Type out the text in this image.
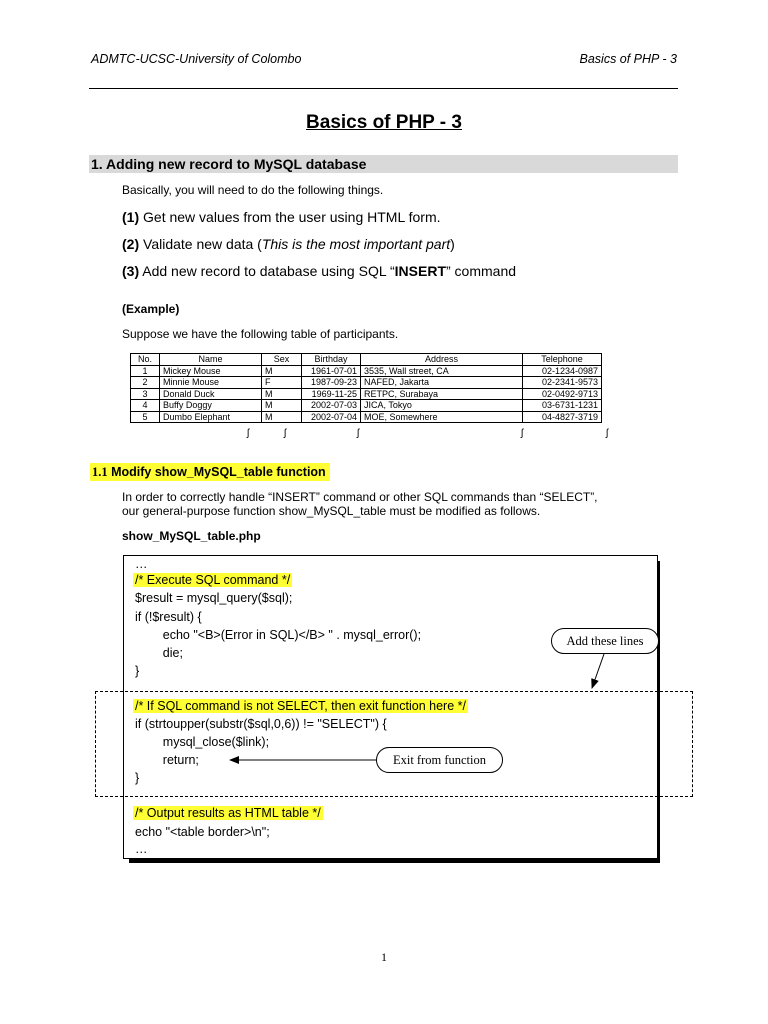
ADMTC-UCSC-University of Colombo	Basics of PHP - 3
Basics of PHP - 3
1. Adding new record to MySQL database
Basically, you will need to do the following things.
(1) Get new values from the user using HTML form.
(2) Validate new data (This is the most important part)
(3) Add new record to database using SQL “INSERT” command
(Example)
Suppose we have the following table of participants.
No.	Name	Sex	Birthday	Address	Telephone
1	Mickey Mouse	M	1961-07-01	3535, Wall street, CA	02-1234-0987
2	Minnie Mouse	F	1987-09-23	NAFED, Jakarta	02-2341-9573
3	Donald Duck	M	1969-11-25	RETPC, Surabaya	02-0492-9713
4	Buffy Doggy	M	2002-07-03	JICA, Tokyo	03-6731-1231
5	Dumbo Elephant	M	2002-07-04	MOE, Somewhere	04-4827-3719
ʃ	ʃ	ʃ	ʃ	ʃ
1.1 Modify show_MySQL_table function
In order to correctly handle “INSERT” command or other SQL commands than “SELECT”,
our general-purpose function show_MySQL_table must be modified as follows.
show_MySQL_table.php
…
/* Execute SQL command */
$result = mysql_query($sql);
if (!$result) {
echo "<B>(Error in SQL)</B> " . mysql_error();
die;
}
/* If SQL command is not SELECT, then exit function here */
if (strtoupper(substr($sql,0,6)) != "SELECT") {
mysql_close($link);
return;
}
/* Output results as HTML table */
echo "<table border>\n";
…
Add these lines
Exit from function
1
